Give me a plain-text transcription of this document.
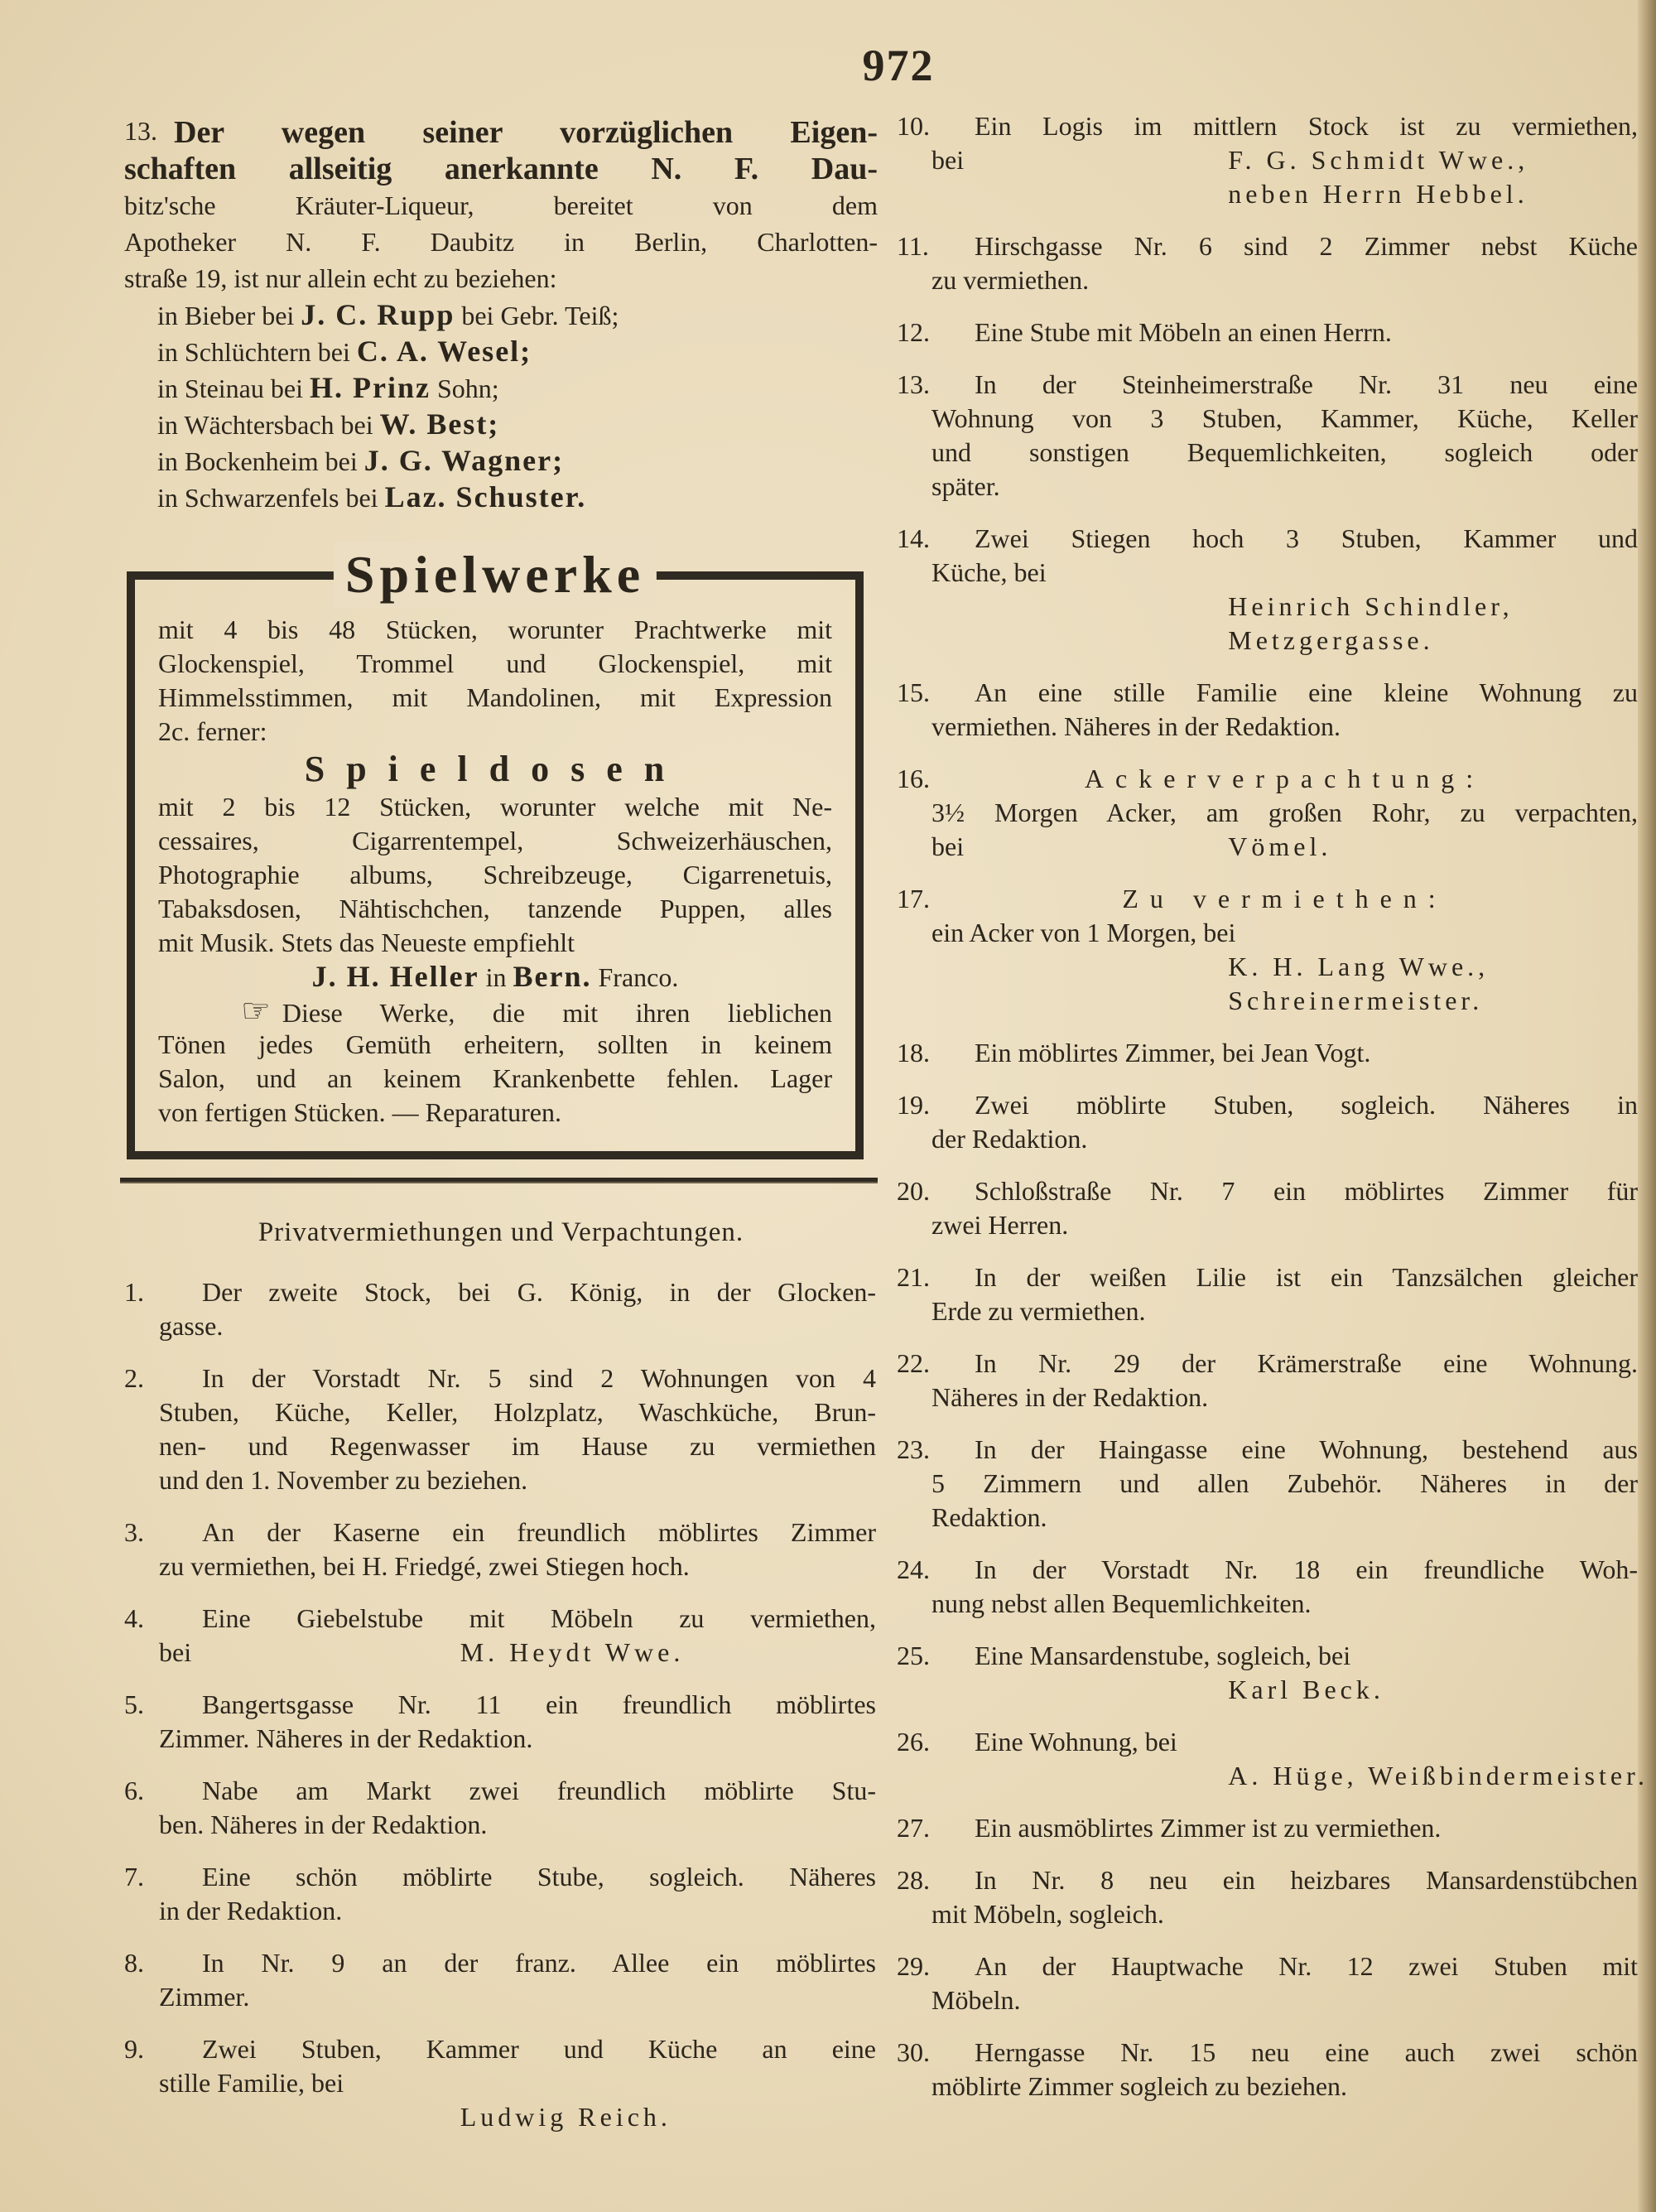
972
13. Der wegen seiner vorzüglichen Eigen-
schaften allseitig anerkannte N. F. Dau-
bitz'sche Kräuter-Liqueur, bereitet von dem
Apotheker N. F. Daubitz in Berlin, Charlotten-
straße 19, ist nur allein echt zu beziehen:
in Bieber bei J. C. Rupp bei Gebr. Teiß;
in Schlüchtern bei C. A. Wesel;
in Steinau bei H. Prinz Sohn;
in Wächtersbach bei W. Best;
in Bockenheim bei J. G. Wagner;
in Schwarzenfels bei Laz. Schuster.
Spielwerke
mit 4 bis 48 Stücken, worunter Prachtwerke mit
Glockenspiel, Trommel und Glockenspiel, mit
Himmelsstimmen, mit Mandolinen, mit Expression
2c. ferner:
Spieldosen
mit 2 bis 12 Stücken, worunter welche mit Ne-
cessaires, Cigarrentempel, Schweizerhäuschen,
Photographie albums, Schreibzeuge, Cigarrenetuis,
Tabaksdosen, Nähtischchen, tanzende Puppen, alles
mit Musik. Stets das Neueste empfiehlt
J. H. Heller in Bern. Franco.
☞ Diese Werke, die mit ihren lieblichen
Tönen jedes Gemüth erheitern, sollten in keinem
Salon, und an keinem Krankenbette fehlen. Lager
von fertigen Stücken. — Reparaturen.
Privatvermiethungen und Verpachtungen.
1.	Der zweite Stock, bei G. König, in der Glocken-
gasse.
2.	In der Vorstadt Nr. 5 sind 2 Wohnungen von 4
Stuben, Küche, Keller, Holzplatz, Waschküche, Brun-
nen- und Regenwasser im Hause zu vermiethen
und den 1. November zu beziehen.
3.	An der Kaserne ein freundlich möblirtes Zimmer
zu vermiethen, bei H. Friedgé, zwei Stiegen hoch.
4.	Eine Giebelstube mit Möbeln zu vermiethen,
bei	M. Heydt Wwe.
5.	Bangertsgasse Nr. 11 ein freundlich möblirtes
Zimmer. Näheres in der Redaktion.
6.	Nabe am Markt zwei freundlich möblirte Stu-
ben. Näheres in der Redaktion.
7.	Eine schön möblirte Stube, sogleich. Näheres
in der Redaktion.
8.	In Nr. 9 an der franz. Allee ein möblirtes
Zimmer.
9.	Zwei Stuben, Kammer und Küche an eine
stille Familie, bei
Ludwig Reich.
10.	Ein Logis im mittlern Stock ist zu vermiethen,
bei	F. G. Schmidt Wwe.,
neben Herrn Hebbel.
11.	Hirschgasse Nr. 6 sind 2 Zimmer nebst Küche
zu vermiethen.
12.	Eine Stube mit Möbeln an einen Herrn.
13.	In der Steinheimerstraße Nr. 31 neu eine
Wohnung von 3 Stuben, Kammer, Küche, Keller
und sonstigen Bequemlichkeiten, sogleich oder
später.
14.	Zwei Stiegen hoch 3 Stuben, Kammer und
Küche, bei
Heinrich Schindler,
Metzgergasse.
15.	An eine stille Familie eine kleine Wohnung zu
vermiethen. Näheres in der Redaktion.
16.	Ackerverpachtung:
3½ Morgen Acker, am großen Rohr, zu verpachten,
bei	Vömel.
17.	Zu vermiethen:
ein Acker von 1 Morgen, bei
K. H. Lang Wwe.,
Schreinermeister.
18.	Ein möblirtes Zimmer, bei Jean Vogt.
19.	Zwei möblirte Stuben, sogleich. Näheres in
der Redaktion.
20.	Schloßstraße Nr. 7 ein möblirtes Zimmer für
zwei Herren.
21.	In der weißen Lilie ist ein Tanzsälchen gleicher
Erde zu vermiethen.
22.	In Nr. 29 der Krämerstraße eine Wohnung.
Näheres in der Redaktion.
23.	In der Haingasse eine Wohnung, bestehend aus
5 Zimmern und allen Zubehör. Näheres in der
Redaktion.
24.	In der Vorstadt Nr. 18 ein freundliche Woh-
nung nebst allen Bequemlichkeiten.
25.	Eine Mansardenstube, sogleich, bei
Karl Beck.
26.	Eine Wohnung, bei
A. Hüge, Weißbindermeister.
27.	Ein ausmöblirtes Zimmer ist zu vermiethen.
28.	In Nr. 8 neu ein heizbares Mansardenstübchen
mit Möbeln, sogleich.
29.	An der Hauptwache Nr. 12 zwei Stuben mit
Möbeln.
30.	Herngasse Nr. 15 neu eine auch zwei schön
möblirte Zimmer sogleich zu beziehen.
